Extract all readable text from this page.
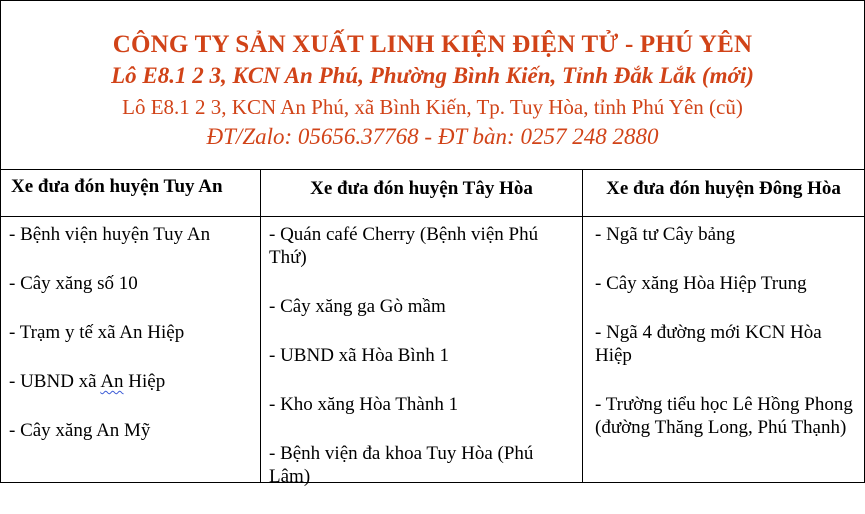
CÔNG TY SẢN XUẤT LINH KIỆN ĐIỆN TỬ - PHÚ YÊN
Lô E8.1 2 3, KCN An Phú, Phường Bình Kiến, Tỉnh Đắk Lắk (mới)
Lô E8.1 2 3, KCN An Phú, xã Bình Kiến, Tp. Tuy Hòa, tỉnh Phú Yên (cũ)
ĐT/Zalo: 05656.37768 - ĐT bàn: 0257 248 2880
Xe đưa đón huyện Tuy An
- Bệnh viện huyện Tuy An
- Cây xăng số 10
- Trạm y tế xã An Hiệp
- UBND xã An Hiệp
- Cây xăng An Mỹ
Xe đưa đón huyện Tây Hòa
- Quán café Cherry (Bệnh viện Phú Thứ)
- Cây xăng ga Gò mầm
- UBND xã Hòa Bình 1
- Kho xăng Hòa Thành 1
- Bệnh viện đa khoa Tuy Hòa (Phú Lâm)
Xe đưa đón huyện Đông Hòa
- Ngã tư Cây bảng
- Cây xăng Hòa Hiệp Trung
- Ngã 4 đường mới KCN Hòa Hiệp
- Trường tiểu học Lê Hồng Phong (đường Thăng Long, Phú Thạnh)
